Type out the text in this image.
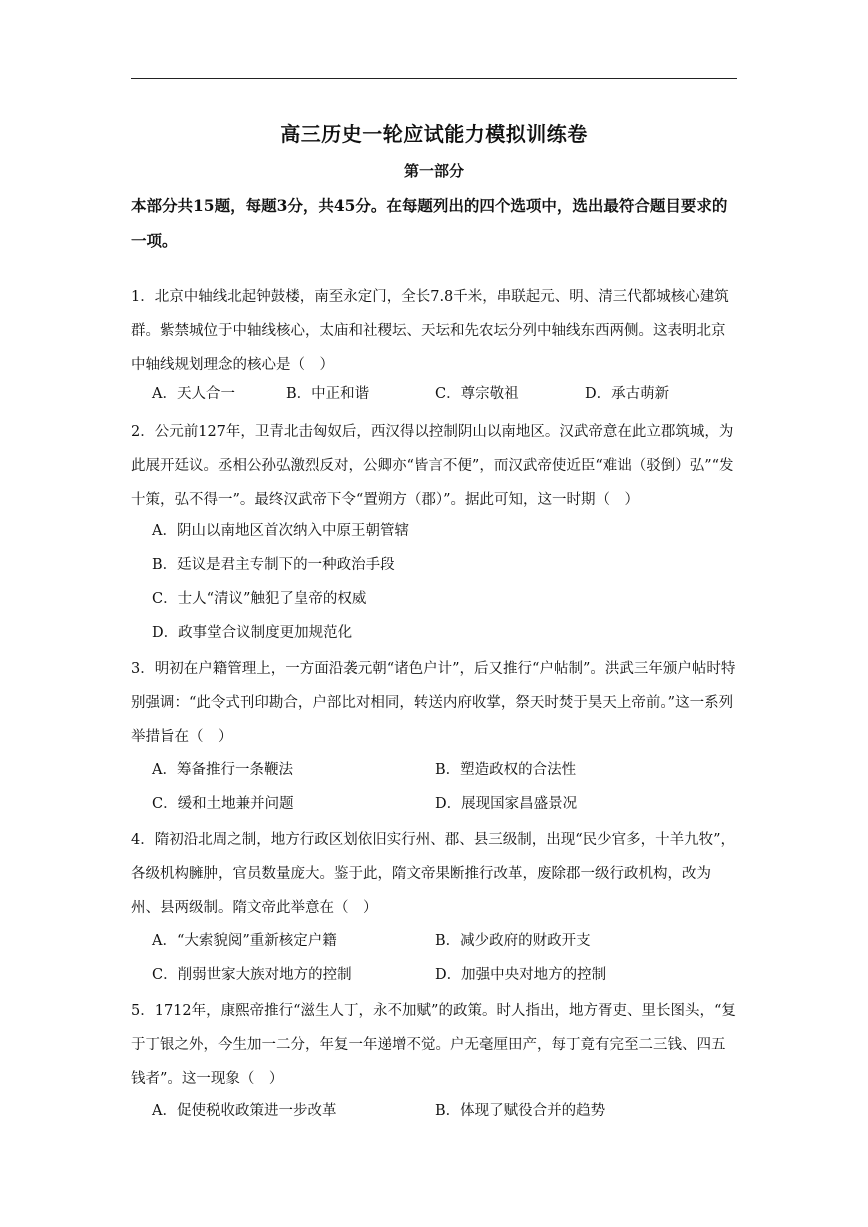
高三历史一轮应试能力模拟训练卷
第一部分
本部分共15题，每题3分，共45分。在每题列出的四个选项中，选出最符合题目要求的一项。
1．北京中轴线北起钟鼓楼，南至永定门，全长7.8千米，串联起元、明、清三代都城核心建筑群。紫禁城位于中轴线核心，太庙和社稷坛、天坛和先农坛分列中轴线东西两侧。这表明北京中轴线规划理念的核心是（　）
A．天人合一	B．中正和谐	C．尊宗敬祖	D．承古萌新
2．公元前127年，卫青北击匈奴后，西汉得以控制阴山以南地区。汉武帝意在此立郡筑城，为此展开廷议。丞相公孙弘激烈反对，公卿亦“皆言不便”，而汉武帝使近臣“难诎（驳倒）弘”“发十策，弘不得一”。最终汉武帝下令“置朔方（郡）”。据此可知，这一时期（　）
A．阴山以南地区首次纳入中原王朝管辖
B．廷议是君主专制下的一种政治手段
C．士人“清议”触犯了皇帝的权威
D．政事堂合议制度更加规范化
3．明初在户籍管理上，一方面沿袭元朝“诸色户计”，后又推行“户帖制”。洪武三年颁户帖时特别强调：“此令式刊印勘合，户部比对相同，转送内府收掌，祭天时焚于昊天上帝前。”这一系列举措旨在（　）
A．筹备推行一条鞭法	B．塑造政权的合法性
C．缓和土地兼并问题	D．展现国家昌盛景况
4．隋初沿北周之制，地方行政区划依旧实行州、郡、县三级制，出现“民少官多，十羊九牧”，各级机构臃肿，官员数量庞大。鉴于此，隋文帝果断推行改革，废除郡一级行政机构，改为州、县两级制。隋文帝此举意在（　）
A．“大索貌阅”重新核定户籍	B．减少政府的财政开支
C．削弱世家大族对地方的控制	D．加强中央对地方的控制
5．1712年，康熙帝推行“滋生人丁，永不加赋”的政策。时人指出，地方胥吏、里长图头，“复于丁银之外，今生加一二分，年复一年递增不觉。户无毫厘田产，每丁竟有完至二三钱、四五钱者”。这一现象（　）
A．促使税收政策进一步改革	B．体现了赋役合并的趋势
